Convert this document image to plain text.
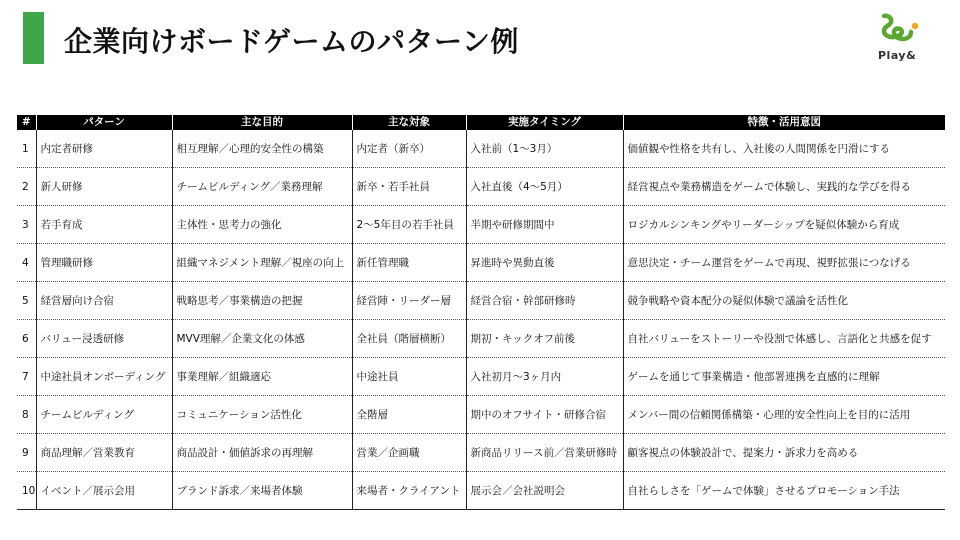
企業向けボードゲームのパターン例	Play&
#	パターン	主な目的	主な対象	実施タイミング	特徴・活用意図
1	内定者研修	相互理解／心理的安全性の構築	内定者（新卒）	入社前（1〜3月）	価値観や性格を共有し、入社後の人間関係を円滑にする
2	新人研修	チームビルディング／業務理解	新卒・若手社員	入社直後（4〜5月）	経営視点や業務構造をゲームで体験し、実践的な学びを得る
3	若手育成	主体性・思考力の強化	2〜5年目の若手社員	半期や研修期間中	ロジカルシンキングやリーダーシップを疑似体験から育成
4	管理職研修	組織マネジメント理解／視座の向上	新任管理職	昇進時や異動直後	意思決定・チーム運営をゲームで再現、視野拡張につなげる
5	経営層向け合宿	戦略思考／事業構造の把握	経営陣・リーダー層	経営合宿・幹部研修時	競争戦略や資本配分の疑似体験で議論を活性化
6	バリュー浸透研修	MVV理解／企業文化の体感	全社員（階層横断）	期初・キックオフ前後	自社バリューをストーリーや役割で体感し、言語化と共感を促す
7	中途社員オンボーディング	事業理解／組織適応	中途社員	入社初月〜3ヶ月内	ゲームを通じて事業構造・他部署連携を直感的に理解
8	チームビルディング	コミュニケーション活性化	全階層	期中のオフサイト・研修合宿	メンバー間の信頼関係構築・心理的安全性向上を目的に活用
9	商品理解／営業教育	商品設計・価値訴求の再理解	営業／企画職	新商品リリース前／営業研修時	顧客視点の体験設計で、提案力・訴求力を高める
10	イベント／展示会用	ブランド訴求／来場者体験	来場者・クライアント	展示会／会社説明会	自社らしさを「ゲームで体験」させるプロモーション手法
